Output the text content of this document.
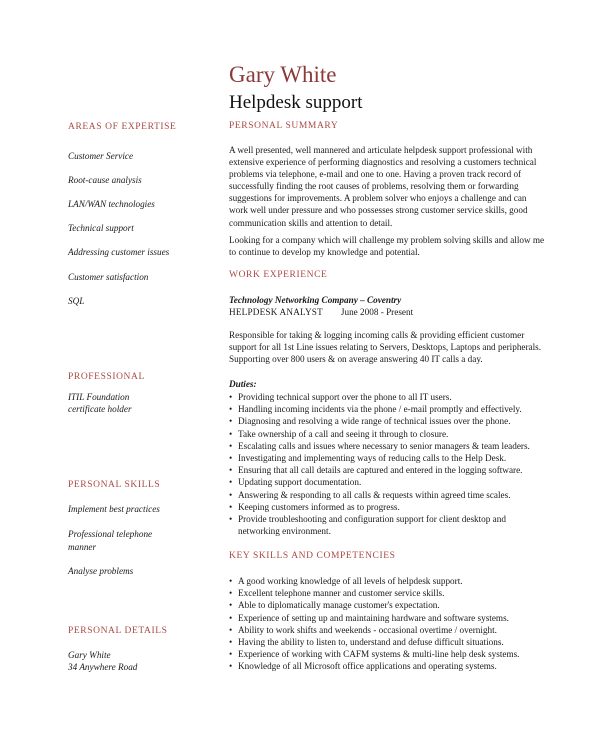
Gary White
Helpdesk support
AREAS OF EXPERTISE
Customer Service
Root-cause analysis
LAN/WAN technologies
Technical support
Addressing customer issues
Customer satisfaction
SQL
PROFESSIONAL
ITIL Foundation
certificate holder
PERSONAL SKILLS
Implement best practices
Professional telephone manner
Analyse problems
PERSONAL DETAILS
Gary White
34 Anywhere Road
PERSONAL SUMMARY
A well presented, well mannered and articulate helpdesk support professional with extensive experience of performing diagnostics and resolving a customers technical problems via telephone, e-mail and one to one. Having a proven track record of successfully finding the root causes of problems, resolving them or forwarding suggestions for improvements. A problem solver who enjoys a challenge and can work well under pressure and who possesses strong customer service skills, good communication skills and attention to detail.
Looking for a company which will challenge my problem solving skills and allow me to continue to develop my knowledge and potential.
WORK EXPERIENCE
Technology Networking Company – Coventry
HELPDESK ANALYST June 2008 - Present
Responsible for taking & logging incoming calls & providing efficient customer support for all 1st Line issues relating to Servers, Desktops, Laptops and peripherals. Supporting over 800 users & on average answering 40 IT calls a day.
Duties:
• Providing technical support over the phone to all IT users.
• Handling incoming incidents via the phone / e-mail promptly and effectively.
• Diagnosing and resolving a wide range of technical issues over the phone.
• Take ownership of a call and seeing it through to closure.
• Escalating calls and issues where necessary to senior managers & team leaders.
• Investigating and implementing ways of reducing calls to the Help Desk.
• Ensuring that all call details are captured and entered in the logging software.
• Updating support documentation.
• Answering & responding to all calls & requests within agreed time scales.
• Keeping customers informed as to progress.
• Provide troubleshooting and configuration support for client desktop and networking environment.
KEY SKILLS AND COMPETENCIES
• A good working knowledge of all levels of helpdesk support.
• Excellent telephone manner and customer service skills.
• Able to diplomatically manage customer's expectation.
• Experience of setting up and maintaining hardware and software systems.
• Ability to work shifts and weekends - occasional overtime / overnight.
• Having the ability to listen to, understand and defuse difficult situations.
• Experience of working with CAFM systems & multi-line help desk systems.
• Knowledge of all Microsoft office applications and operating systems.
